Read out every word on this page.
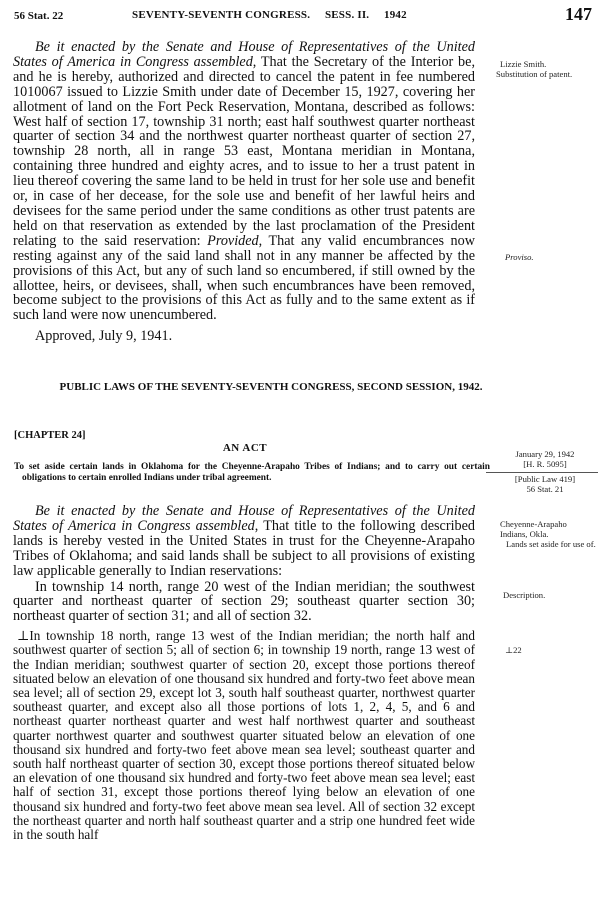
56 Stat. 22	SEVENTY-SEVENTH CONGRESS.     SESS. II.     1942	147

Be it enacted by the Senate and House of Representatives of the United States of America in Congress assembled, That the Secretary of the Interior be, and he is hereby, authorized and directed to cancel the patent in fee numbered 1010067 issued to Lizzie Smith under date of December 15, 1927, covering her allotment of land on the Fort Peck Reservation, Montana, described as follows: West half of section 17, township 31 north; east half southwest quarter northeast quarter of section 34 and the northwest quarter northeast quarter of section 27, township 28 north, all in range 53 east, Montana meridian in Montana, containing three hundred and eighty acres, and to issue to her a trust patent in lieu thereof covering the same land to be held in trust for her sole use and benefit or, in case of her decease, for the sole use and benefit of her lawful heirs and devisees for the same period under the same conditions as other trust patents are held on that reservation as extended by the last proclamation of the President relating to the said reservation: Provided, That any valid encumbrances now resting against any of the said land shall not in any manner be affected by the provisions of this Act, but any of such land so encumbered, if still owned by the allottee, heirs, or devisees, shall, when such encumbrances have been removed, become subject to the provisions of this Act as fully and to the same extent as if such land were now unencumbered.

Approved, July 9, 1941.

Lizzie Smith.
Substitution of patent.
Proviso.
PUBLIC LAWS OF THE SEVENTY-SEVENTH CONGRESS, SECOND SESSION, 1942.
[CHAPTER 24]
AN ACT	January 29, 1942
[H. R. 5095]
[Public Law 419]
56 Stat. 21
To set aside certain lands in Oklahoma for the Cheyenne-Arapaho Tribes of Indians; and to carry out certain obligations to certain enrolled Indians under tribal agreement.

Be it enacted by the Senate and House of Representatives of the United States of America in Congress assembled, That title to the following described lands is hereby vested in the United States in trust for the Cheyenne-Arapaho Tribes of Oklahoma; and said lands shall be subject to all provisions of existing law applicable generally to Indian reservations:

In township 14 north, range 20 west of the Indian meridian; the southwest quarter and northeast quarter of section 29; southeast quarter section 30; northeast quarter of section 31; and all of section 32.

⊥In township 18 north, range 13 west of the Indian meridian; the north half and southwest quarter of section 5; all of section 6; in township 19 north, range 13 west of the Indian meridian; southwest quarter of section 20, except those portions thereof situated below an elevation of one thousand six hundred and forty-two feet above mean sea level; all of section 29, except lot 3, south half southeast quarter, northwest quarter southeast quarter, and except also all those portions of lots 1, 2, 4, 5, and 6 and northeast quarter northeast quarter and west half northwest quarter and southeast quarter northwest quarter and southwest quarter situated below an elevation of one thousand six hundred and forty-two feet above mean sea level; southeast quarter and south half northeast quarter of section 30, except those portions thereof situated below an elevation of one thousand six hundred and forty-two feet above mean sea level; east half of section 31, except those portions thereof lying below an elevation of one thousand six hundred and forty-two feet above mean sea level. All of section 32 except the northeast quarter and north half southeast quarter and a strip one hundred feet wide in the south half

Cheyenne-Arapaho
Indians, Okla.
Lands set aside for use of.
Description.
⊥22
